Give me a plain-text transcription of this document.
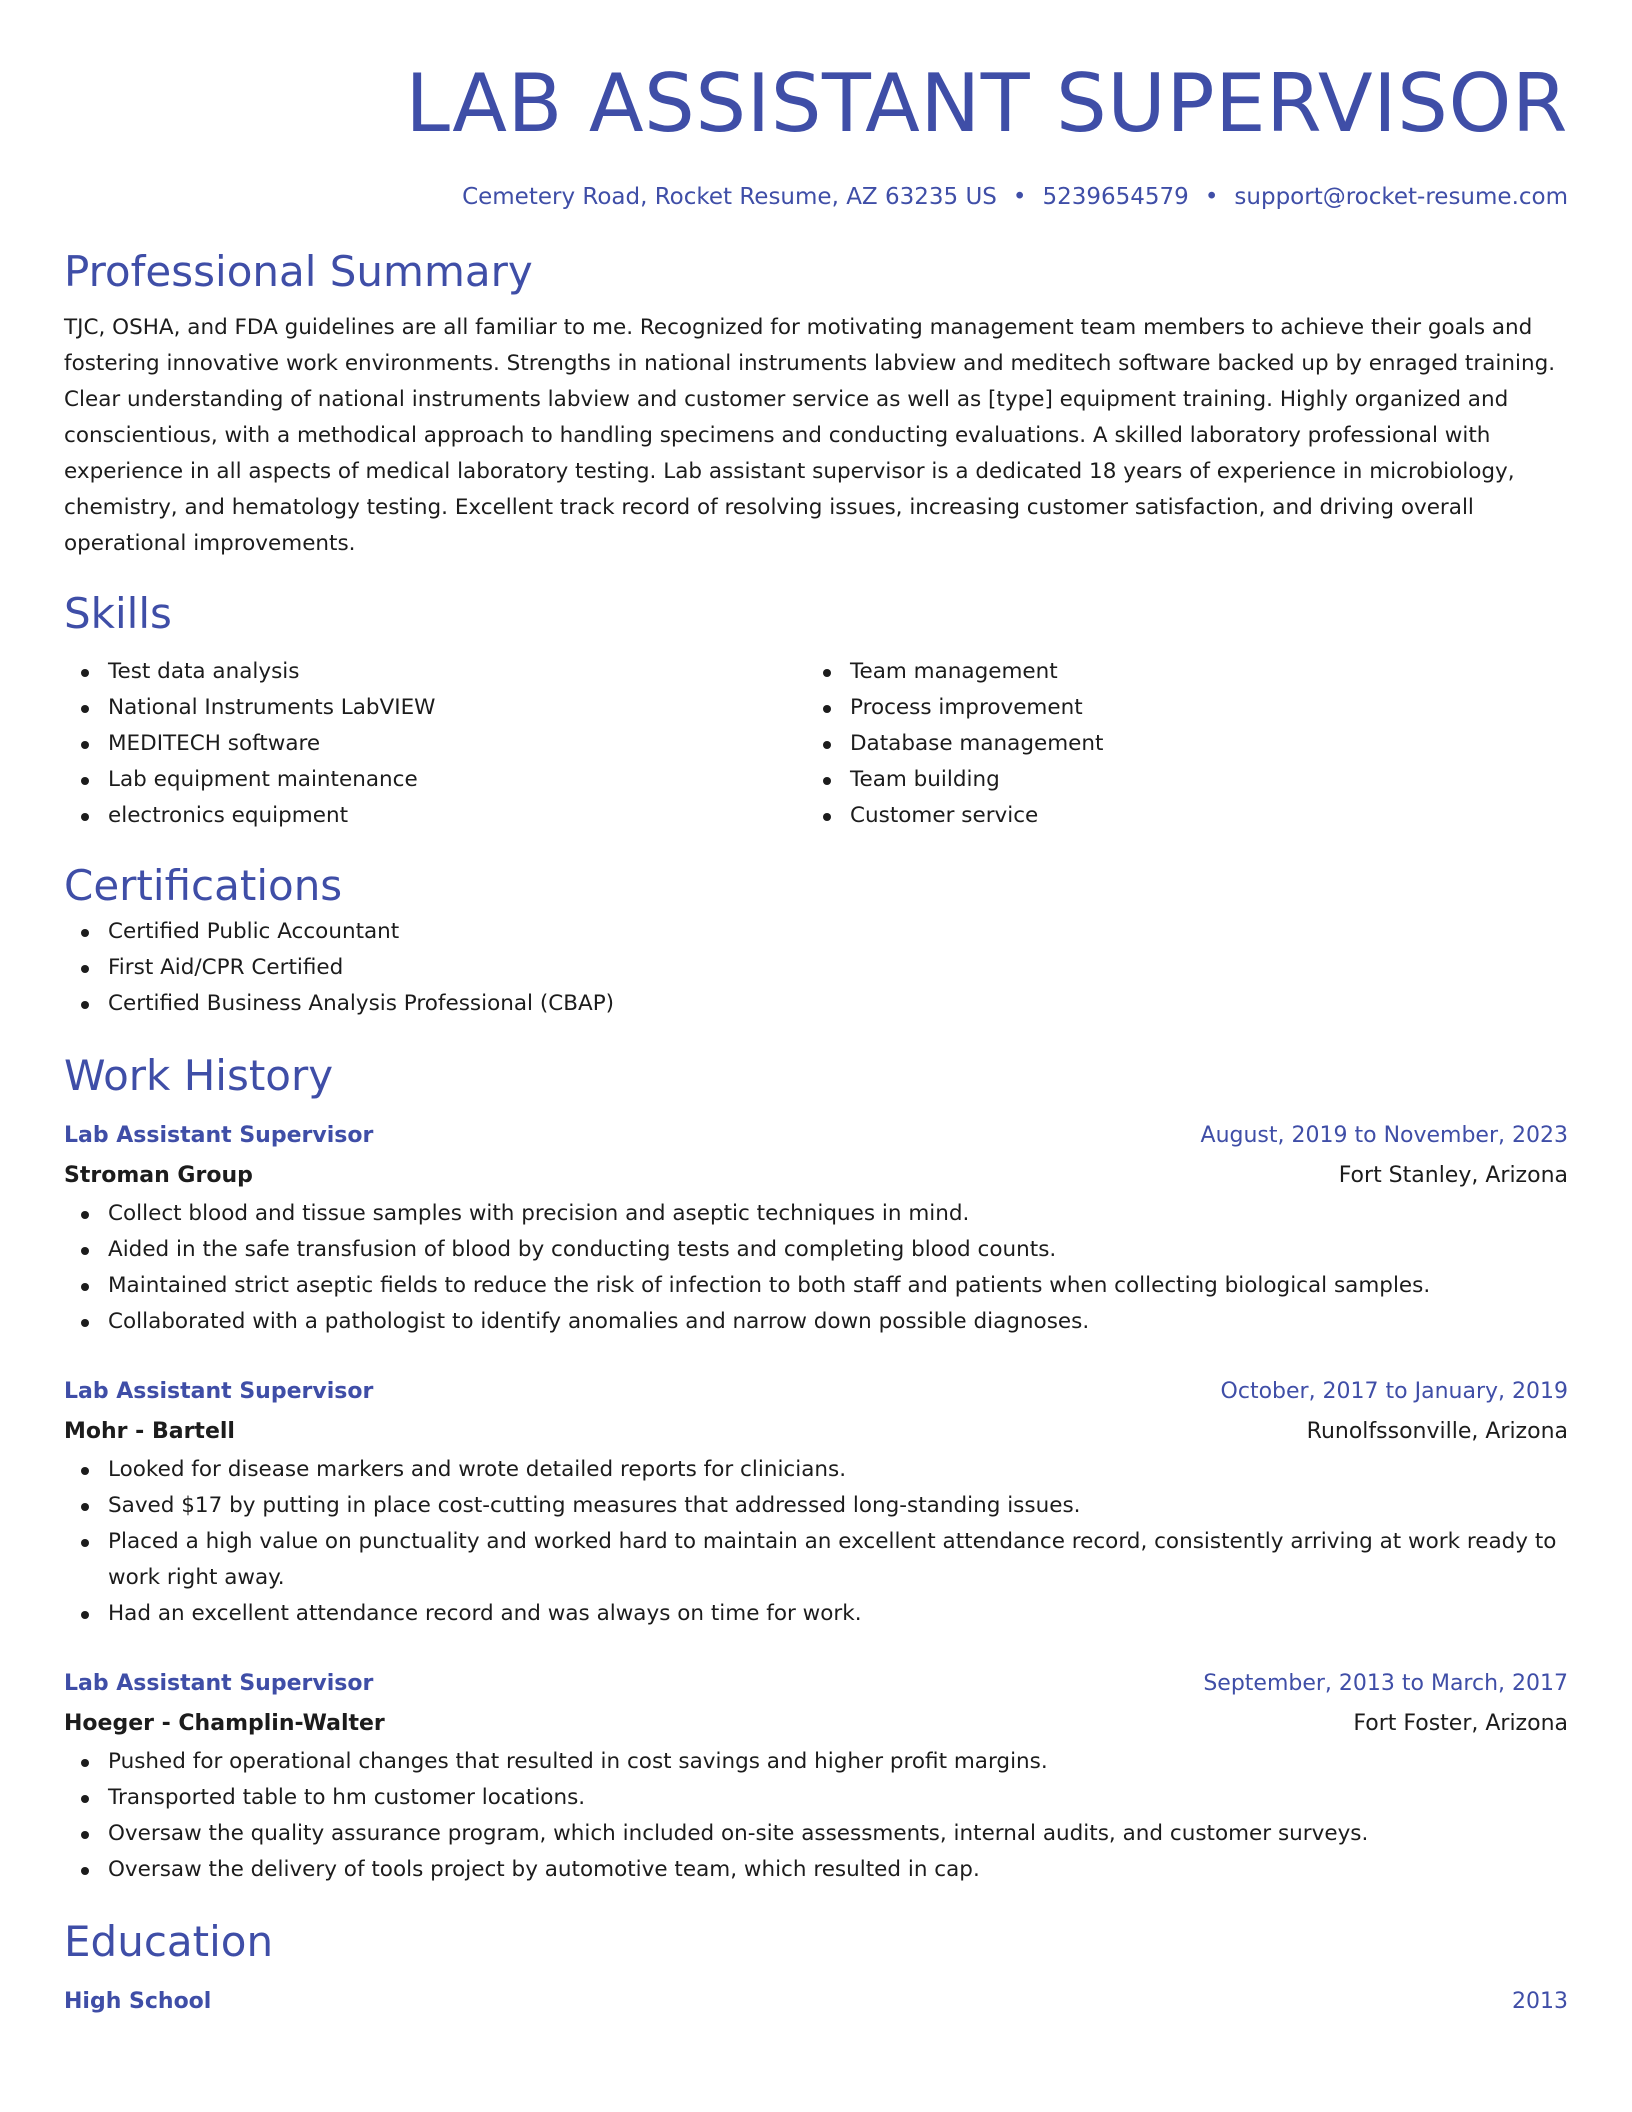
LAB ASSISTANT SUPERVISOR
Cemetery Road, Rocket Resume, AZ 63235 US • 5239654579 • support@rocket-resume.com
Professional Summary

TJC, OSHA, and FDA guidelines are all familiar to me. Recognized for motivating management team members to achieve their goals and fostering innovative work environments. Strengths in national instruments labview and meditech software backed up by enraged training. Clear understanding of national instruments labview and customer service as well as [type] equipment training. Highly organized and conscientious, with a methodical approach to handling specimens and conducting evaluations. A skilled laboratory professional with experience in all aspects of medical laboratory testing. Lab assistant supervisor is a dedicated 18 years of experience in microbiology, chemistry, and hematology testing. Excellent track record of resolving issues, increasing customer satisfaction, and driving overall operational improvements.

Skills
Test data analysis
National Instruments LabVIEW
MEDITECH software
Lab equipment maintenance
electronics equipment
Team management
Process improvement
Database management
Team building
Customer service
Certifications
Certified Public Accountant
First Aid/CPR Certified
Certified Business Analysis Professional (CBAP)
Work History
Lab Assistant Supervisor	August, 2019 to November, 2023
Stroman Group	Fort Stanley, Arizona
Collect blood and tissue samples with precision and aseptic techniques in mind.
Aided in the safe transfusion of blood by conducting tests and completing blood counts.
Maintained strict aseptic fields to reduce the risk of infection to both staff and patients when collecting biological samples.
Collaborated with a pathologist to identify anomalies and narrow down possible diagnoses.
Lab Assistant Supervisor	October, 2017 to January, 2019
Mohr - Bartell	Runolfssonville, Arizona
Looked for disease markers and wrote detailed reports for clinicians.
Saved $17 by putting in place cost-cutting measures that addressed long-standing issues.
Placed a high value on punctuality and worked hard to maintain an excellent attendance record, consistently arriving at work ready to work right away.
Had an excellent attendance record and was always on time for work.
Lab Assistant Supervisor	September, 2013 to March, 2017
Hoeger - Champlin-Walter	Fort Foster, Arizona
Pushed for operational changes that resulted in cost savings and higher profit margins.
Transported table to hm customer locations.
Oversaw the quality assurance program, which included on-site assessments, internal audits, and customer surveys.
Oversaw the delivery of tools project by automotive team, which resulted in cap.
Education
High School	2013
